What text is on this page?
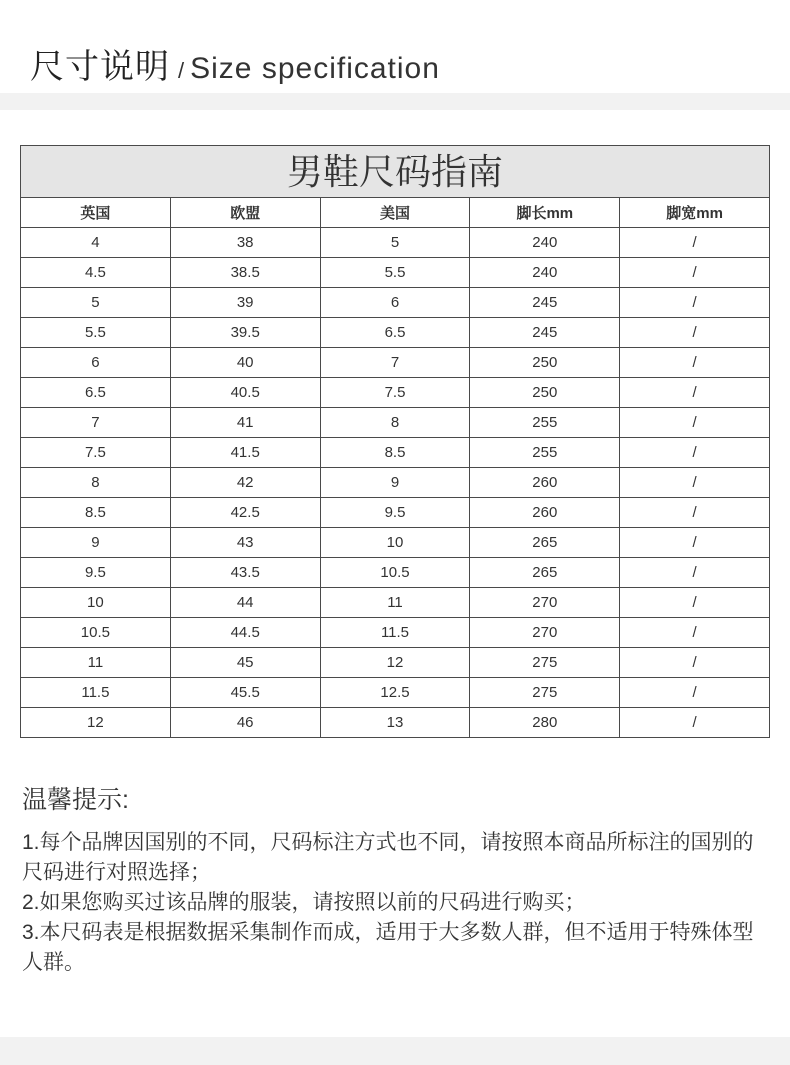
尺寸说明 / Size specification
男鞋尺码指南				
英国	欧盟	美国	脚长mm	脚宽mm
4	38	5	240	/
4.5	38.5	5.5	240	/
5	39	6	245	/
5.5	39.5	6.5	245	/
6	40	7	250	/
6.5	40.5	7.5	250	/
7	41	8	255	/
7.5	41.5	8.5	255	/
8	42	9	260	/
8.5	42.5	9.5	260	/
9	43	10	265	/
9.5	43.5	10.5	265	/
10	44	11	270	/
10.5	44.5	11.5	270	/
11	45	12	275	/
11.5	45.5	12.5	275	/
12	46	13	280	/
温馨提示:
1.每个品牌因国别的不同，尺码标注方式也不同，请按照本商品所标注的国别的尺码进行对照选择；
2.如果您购买过该品牌的服装，请按照以前的尺码进行购买；
3.本尺码表是根据数据采集制作而成，适用于大多数人群，但不适用于特殊体型人群。
